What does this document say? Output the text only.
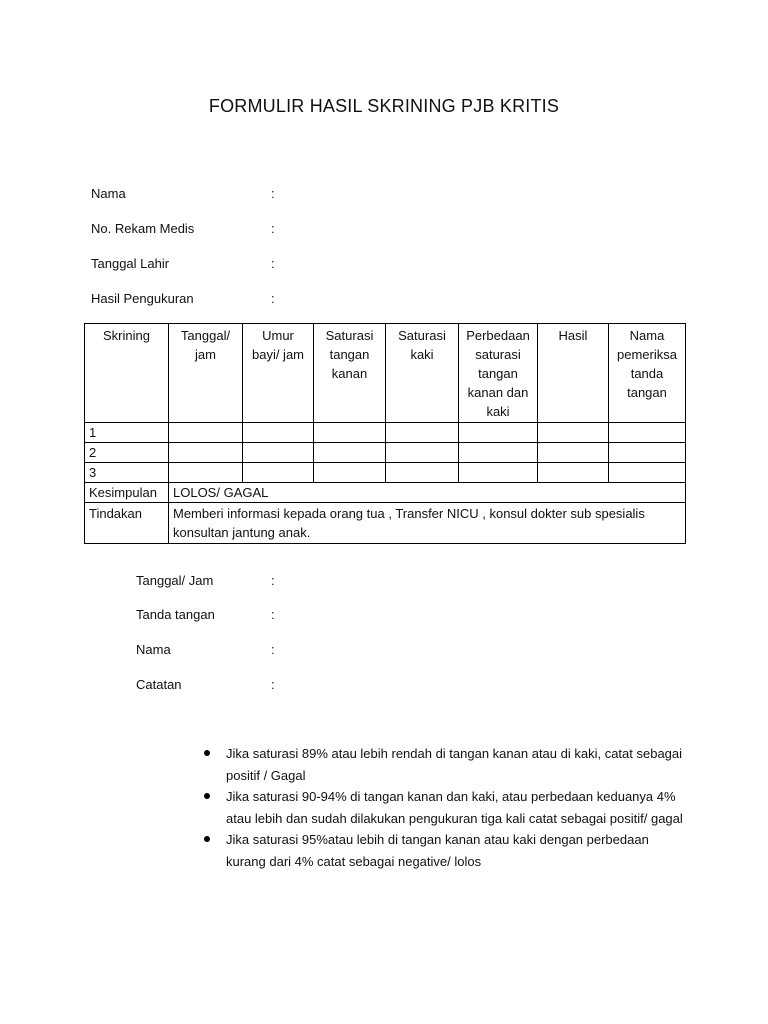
FORMULIR HASIL SKRINING PJB KRITIS
Nama	:
No. Rekam Medis	:
Tanggal Lahir	:
Hasil Pengukuran	:
Skrining	Tanggal/ jam	Umur bayi/ jam	Saturasi tangan kanan	Saturasi kaki	Perbedaan saturasi tangan kanan dan kaki	Hasil	Nama pemeriksa tanda tangan
1							
2							
3							
Kesimpulan	LOLOS/ GAGAL						
Tindakan	Memberi informasi kepada orang tua , Transfer NICU , konsul dokter sub spesialis konsultan jantung anak.						
Tanggal/ Jam	:
Tanda tangan	:
Nama	:
Catatan	:
Jika saturasi 89% atau lebih rendah di tangan kanan atau di kaki, catat sebagai positif / Gagal
Jika saturasi 90-94% di tangan kanan dan kaki, atau perbedaan keduanya 4% atau lebih dan sudah dilakukan pengukuran tiga kali catat sebagai positif/ gagal
Jika saturasi 95%atau lebih di tangan kanan atau kaki dengan perbedaan kurang dari 4% catat sebagai negative/ lolos
